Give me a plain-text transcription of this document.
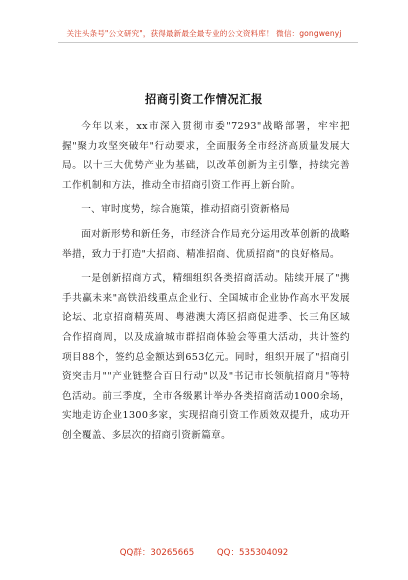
关注头条号"公文研究"，获得最新最全最专业的公文资料库！ 微信：gongwenyj
招商引资工作情况汇报

今年以来，xx市深入贯彻市委"7293"战略部署，牢牢把握"聚力攻坚突破年"行动要求，全面服务全市经济高质量发展大局。以十三大优势产业为基础，以改革创新为主引擎，持续完善工作机制和方法，推动全市招商引资工作再上新台阶。

一、审时度势，综合施策，推动招商引资新格局

面对新形势和新任务，市经济合作局充分运用改革创新的战略举措，致力于打造"大招商、精准招商、优质招商"的良好格局。

一是创新招商方式，精细组织各类招商活动。陆续开展了"携手共赢未来"高铁沿线重点企业行、全国城市企业协作高水平发展论坛、北京招商精英周、粤港澳大湾区招商促进季、长三角区域合作招商周，以及成渝城市群招商体验会等重大活动，共计签约项目88个，签约总金额达到653亿元。同时，组织开展了"招商引资突击月""产业链整合百日行动"以及"书记市长领航招商月"等特色活动。前三季度，全市各级累计举办各类招商活动1000余场，实地走访企业1300多家，实现招商引资工作质效双提升，成功开创全覆盖、多层次的招商引资新篇章。

QQ群：30265665	QQ：535304092
